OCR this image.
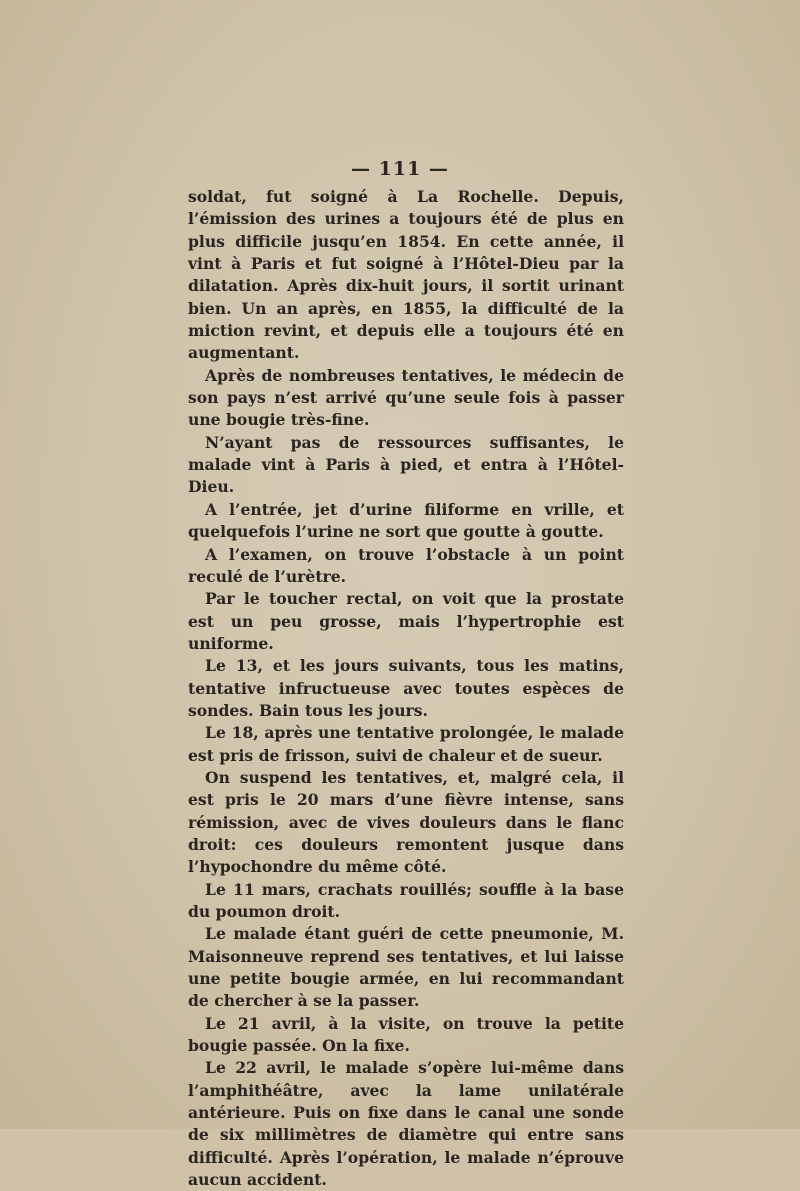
— 111 —

soldat, fut soigné à La Rochelle. Depuis, l’émission des urines a toujours été de plus en plus difficile jusqu’en 1854. En cette année, il vint à Paris et fut soigné à l’Hôtel-Dieu par la dilatation. Après dix-huit jours, il sortit urinant bien. Un an après, en 1855, la difficulté de la miction revint, et depuis elle a toujours été en augmentant.

Après de nombreuses tentatives, le médecin de son pays n’est arrivé qu’une seule fois à passer une bougie très-fine.

N’ayant pas de ressources suffisantes, le malade vint à Paris à pied, et entra à l’Hôtel-Dieu.

A l’entrée, jet d’urine filiforme en vrille, et quelquefois l’urine ne sort que goutte à goutte.

A l’examen, on trouve l’obstacle à un point reculé de l’urètre.

Par le toucher rectal, on voit que la prostate est un peu grosse, mais l’hypertrophie est uniforme.

Le 13, et les jours suivants, tous les matins, tentative infructueuse avec toutes espèces de sondes. Bain tous les jours.

Le 18, après une tentative prolongée, le malade est pris de frisson, suivi de chaleur et de sueur.

On suspend les tentatives, et, malgré cela, il est pris le 20 mars d’une fièvre intense, sans rémission, avec de vives douleurs dans le flanc droit: ces douleurs remontent jusque dans l’hypochondre du même côté.

Le 11 mars, crachats rouillés; souffle à la base du poumon droit.

Le malade étant guéri de cette pneumonie, M. Maisonneuve reprend ses tentatives, et lui laisse une petite bougie armée, en lui recommandant de chercher à se la passer.

Le 21 avril, à la visite, on trouve la petite bougie passée. On la fixe.

Le 22 avril, le malade s’opère lui-même dans l’amphithéâtre, avec la lame unilatérale antérieure. Puis on fixe dans le canal une sonde de six millimètres de diamètre qui entre sans difficulté. Après l’opération, le malade n’éprouve aucun accident.
